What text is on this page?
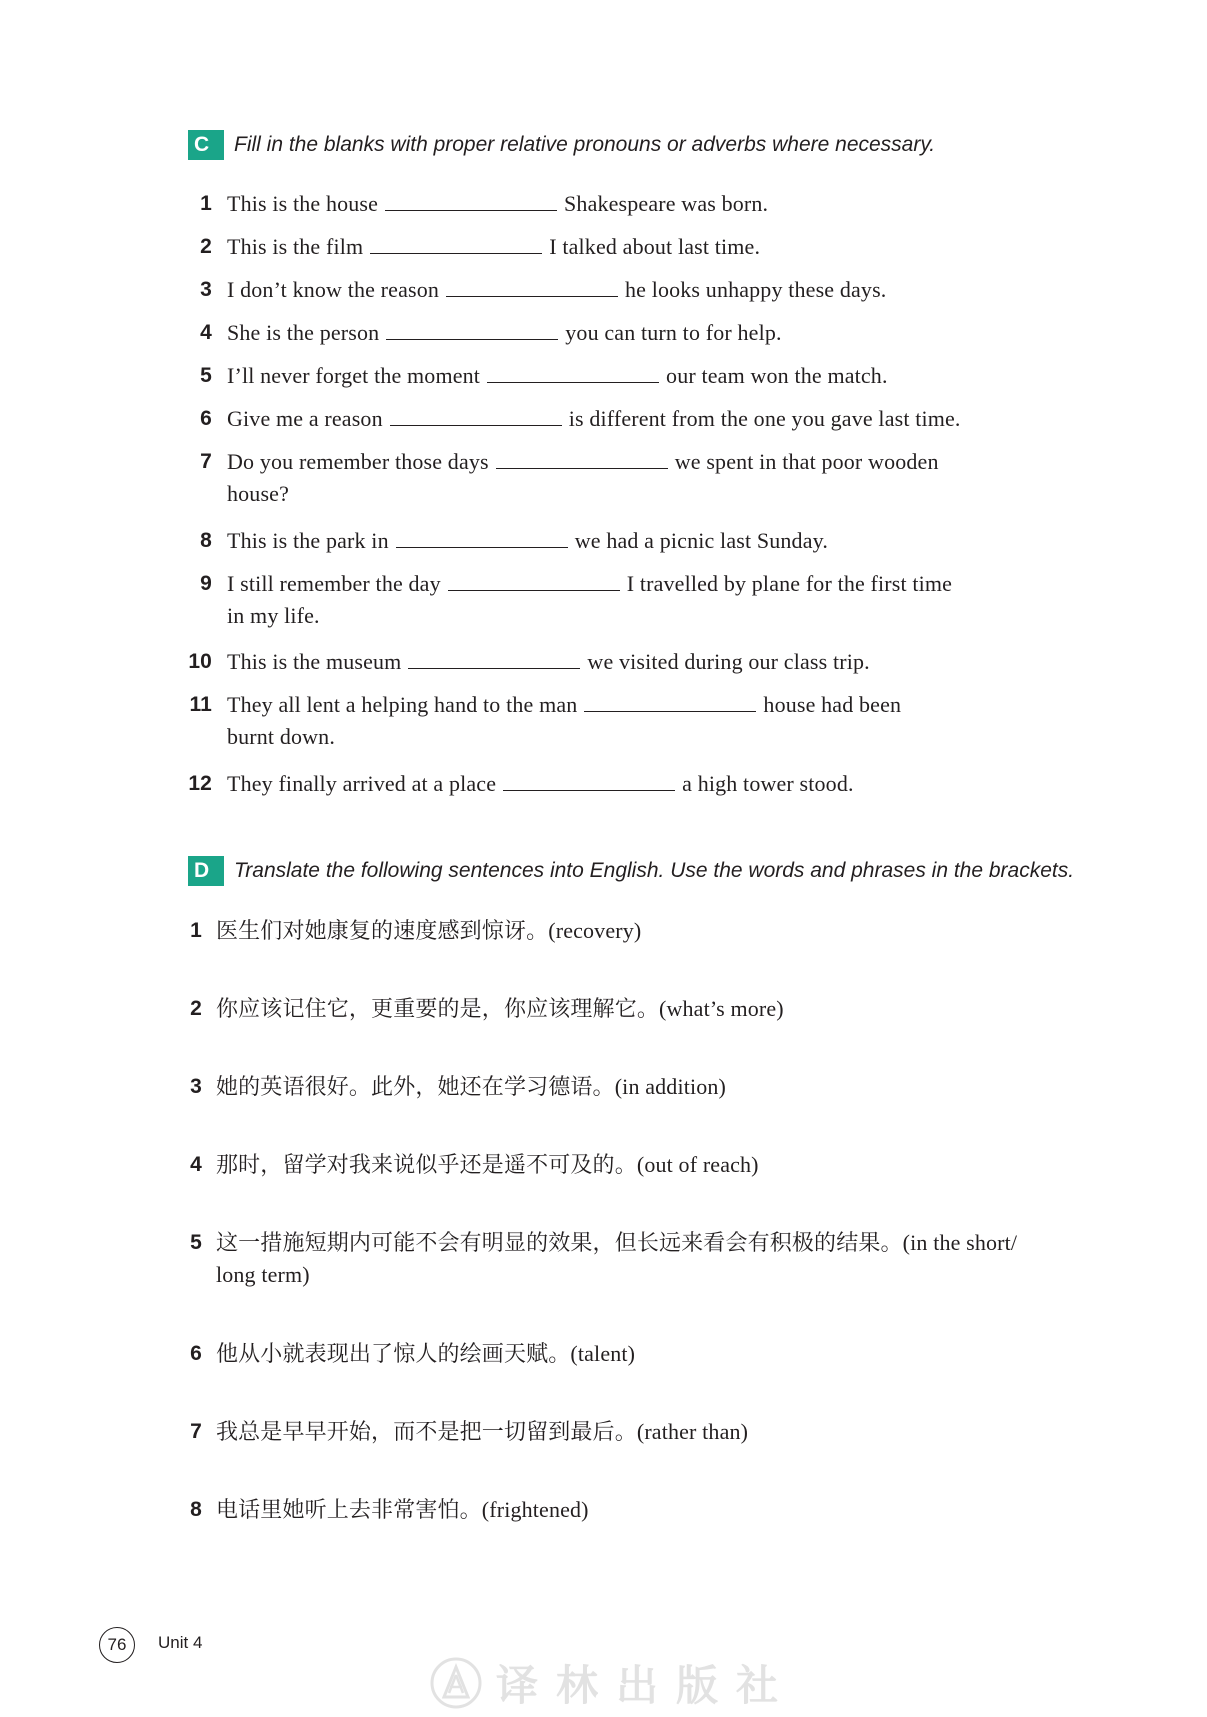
C	Fill in the blanks with proper relative pronouns or adverbs where necessary.
1 This is the house	Shakespeare was born.
2 This is the film	I talked about last time.
3 I don’t know the reason	he looks unhappy these days.
4 She is the person	you can turn to for help.
5 I’ll never forget the moment	our team won the match.
6 Give me a reason	is different from the one you gave last time.
7 Do you remember those days	we spent in that poor wooden
house?
8 This is the park in	we had a picnic last Sunday.
9 I still remember the day	I travelled by plane for the first time
in my life.
10 This is the museum	we visited during our class trip.
11 They all lent a helping hand to the man	house had been
burnt down.
12 They finally arrived at a place	a high tower stood.
D	Translate the following sentences into English. Use the words and phrases in the brackets.
1 医生们对她康复的速度感到惊讶。(recovery)
2 你应该记住它，更重要的是，你应该理解它。(what’s more)
3 她的英语很好。此外，她还在学习德语。(in addition)
4 那时，留学对我来说似乎还是遥不可及的。(out of reach)
5 这一措施短期内可能不会有明显的效果，但长远来看会有积极的结果。(in the short/
long term)
6 他从小就表现出了惊人的绘画天赋。(talent)
7 我总是早早开始，而不是把一切留到最后。(rather than)
8 电话里她听上去非常害怕。(frightened)
76	Unit 4
译林出版社
